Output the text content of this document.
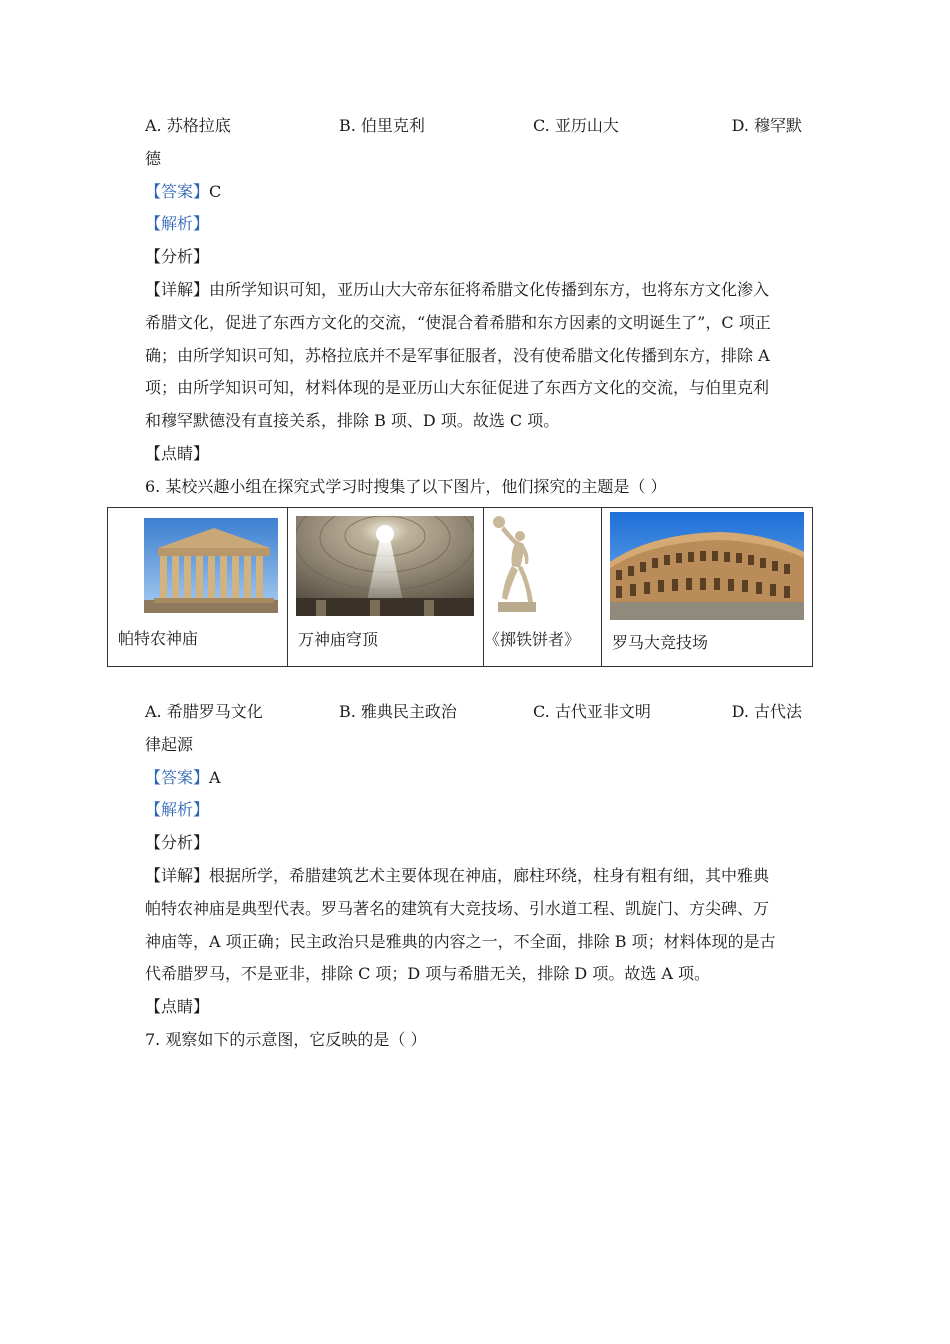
A. 苏格拉底	B. 伯里克利	C. 亚历山大	D. 穆罕默
德
【答案】C
【解析】
【分析】
【详解】由所学知识可知，亚历山大大帝东征将希腊文化传播到东方，也将东方文化渗入
希腊文化，促进了东西方文化的交流，“使混合着希腊和东方因素的文明诞生了”，C 项正
确；由所学知识可知，苏格拉底并不是军事征服者，没有使希腊文化传播到东方，排除 A
项；由所学知识可知，材料体现的是亚历山大东征促进了东西方文化的交流，与伯里克利
和穆罕默德没有直接关系，排除 B 项、D 项。故选 C 项。
【点睛】
6. 某校兴趣小组在探究式学习时搜集了以下图片，他们探究的主题是（ ）
帕特农神庙	万神庙穹顶	《掷铁饼者》 罗马大竞技场
A. 希腊罗马文化	B. 雅典民主政治	C. 古代亚非文明	D. 古代法
律起源
【答案】A
【解析】
【分析】
【详解】根据所学，希腊建筑艺术主要体现在神庙，廊柱环绕，柱身有粗有细，其中雅典
帕特农神庙是典型代表。罗马著名的建筑有大竞技场、引水道工程、凯旋门、方尖碑、万
神庙等，A 项正确；民主政治只是雅典的内容之一，不全面，排除 B 项；材料体现的是古
代希腊罗马，不是亚非，排除 C 项；D 项与希腊无关，排除 D 项。故选 A 项。
【点睛】
7. 观察如下的示意图，它反映的是（ ）
